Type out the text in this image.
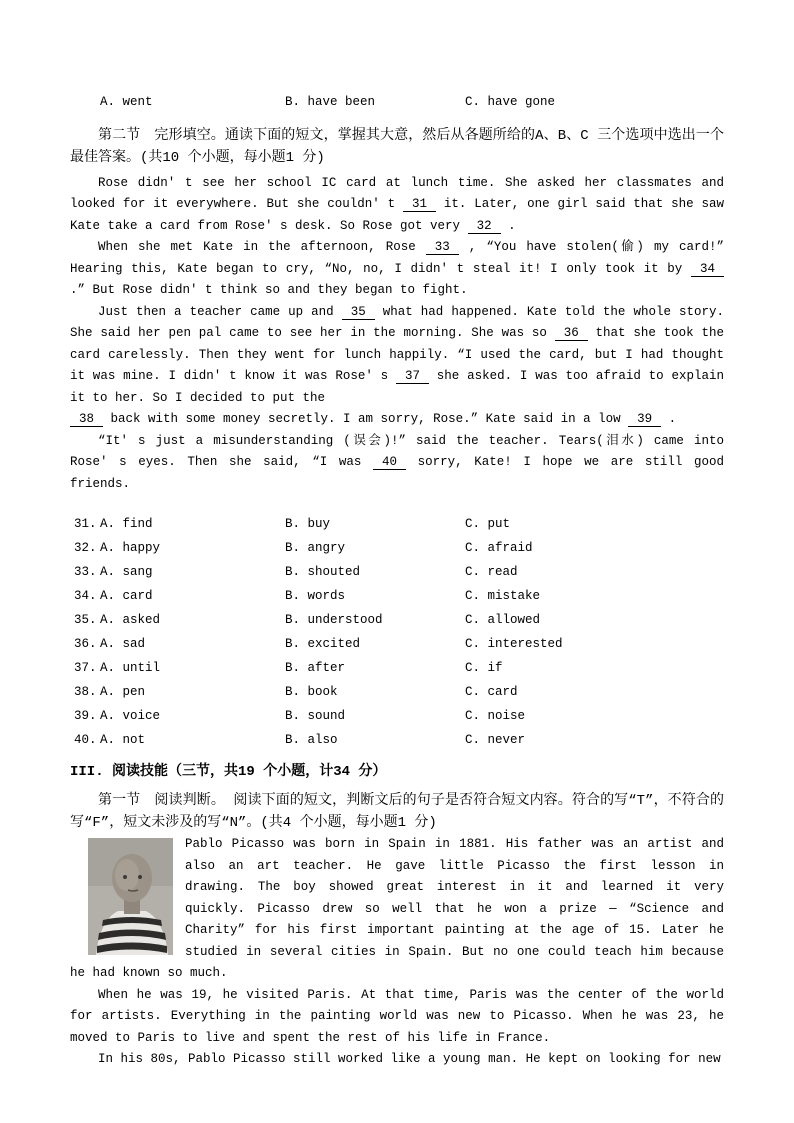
A. went	B. have been	C. have gone

第二节　完形填空。通读下面的短文，掌握其大意，然后从各题所给的A、B、C 三个选项中选出一个最佳答案。(共10 个小题，每小题1 分)

Rose didn' t see her school IC card at lunch time. She asked her classmates and looked for it everywhere. But she couldn' t 31 it. Later, one girl said that she saw Kate take a card from Rose' s desk. So Rose got very 32 .

When she met Kate in the afternoon, Rose 33 , “You have stolen(偷) my card!” Hearing this, Kate began to cry, “No, no, I didn' t steal it! I only took it by 34 .” But Rose didn' t think so and they began to fight.

Just then a teacher came up and 35 what had happened. Kate told the whole story. She said her pen pal came to see her in the morning. She was so 36 that she took the card carelessly. Then they went for lunch happily. “I used the card, but I had thought it was mine. I didn' t know it was Rose' s 37 she asked. I was too afraid to explain it to her. So I decided to put the

38 back with some money secretly. I am sorry, Rose.” Kate said in a low 39 .

“It' s just a misunderstanding (误会)!” said the teacher. Tears(泪水) came into Rose' s eyes. Then she said, “I was 40 sorry, Kate! I hope we are still good friends.

31. A. find	B. buy	C. put
32. A. happy	B. angry	C. afraid
33. A. sang	B. shouted	C. read
34. A. card	B. words	C. mistake
35. A. asked	B. understood	C. allowed
36. A. sad	B. excited	C. interested
37. A. until	B. after	C. if
38. A. pen	B. book	C. card
39. A. voice	B. sound	C. noise
40. A. not	B. also	C. never

III. 阅读技能（三节，共19 个小题，计34 分）

第一节　阅读判断。 阅读下面的短文，判断文后的句子是否符合短文内容。符合的写“T”，不符合的写“F”，短文未涉及的写“N”。(共4 个小题，每小题1 分)

Pablo Picasso was born in Spain in 1881. His father was an artist and also an art teacher. He gave little Picasso the first lesson in drawing. The boy showed great interest in it and learned it very quickly. Picasso drew so well that he won a prize — “Science and Charity” for his first important painting at the age of 15. Later he studied in several cities in Spain. But no one could teach him because he had known so much.

When he was 19, he visited Paris. At that time, Paris was the center of the world for artists. Everything in the painting world was new to Picasso. When he was 23, he moved to Paris to live and spent the rest of his life in France.

In his 80s, Pablo Picasso still worked like a young man. He kept on looking for new
